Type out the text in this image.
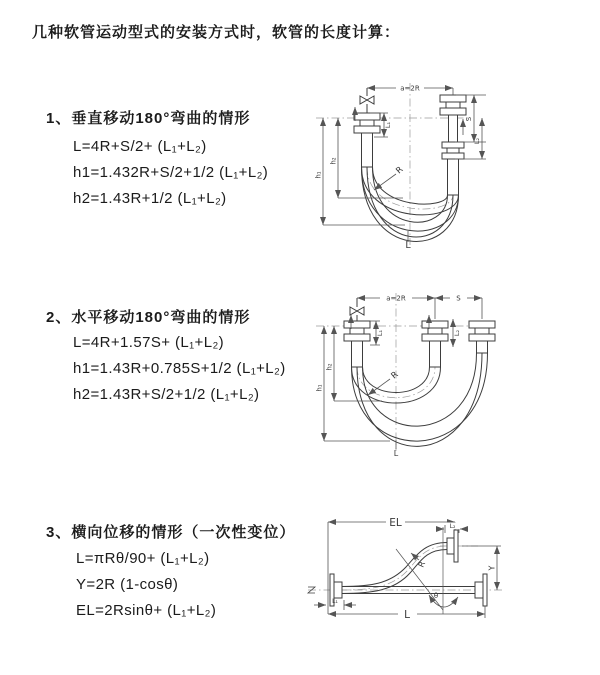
几种软管运动型式的安装方式时，软管的长度计算：
1、垂直移动180°弯曲的情形
L=4R+S/2+ (L₁+L₂)
h1=1.432R+S/2+1/2 (L₁+L₂)
h2=1.43R+1/2 (L₁+L₂)
2、水平移动180°弯曲的情形
L=4R+1.57S+ (L₁+L₂)
h1=1.43R+0.785S+1/2 (L₁+L₂)
h2=1.43R+S/2+1/2 (L₁+L₂)
3、横向位移的情形（一次性变位）
L=πRθ/90+ (L₁+L₂)
Y=2R (1-cosθ)
EL=2Rsinθ+ (L₁+L₂)
a=2R
h₁
h₂
L₁
S
L₂
R
L
a=2R	S
h₁
h₂
L₁	L₂
R
L
EL	L₂
R
θ
Y
L
L₁
